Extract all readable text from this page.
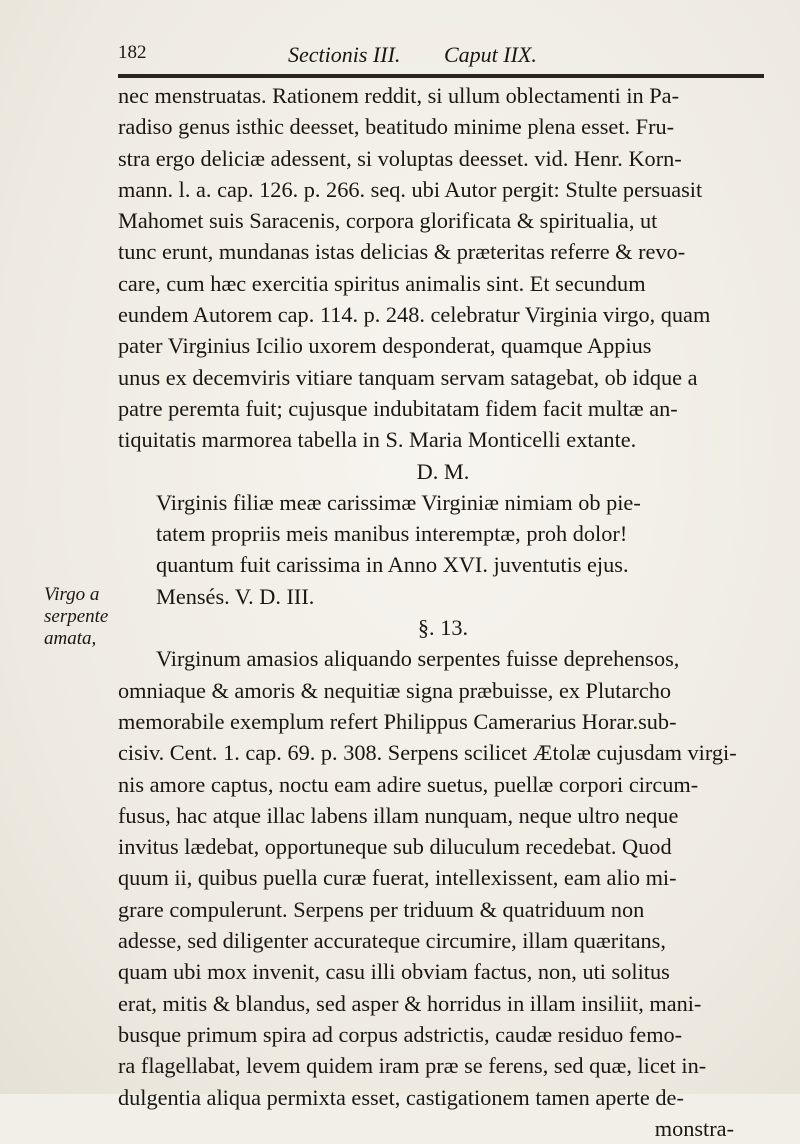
182	Sectionis III. Caput IIX.
Virgo a
serpente
amata,
nec menstruatas. Rationem reddit, si ullum oblectamenti in Pa-
radiso genus isthic deesset, beatitudo minime plena esset. Fru-
stra ergo deliciæ adessent, si voluptas deesset. vid. Henr. Korn-
mann. l. a. cap. 126. p. 266. seq. ubi Autor pergit: Stulte persuasit
Mahomet suis Saracenis, corpora glorificata & spiritualia, ut
tunc erunt, mundanas istas delicias & præteritas referre & revo-
care, cum hæc exercitia spiritus animalis sint. Et secundum
eundem Autorem cap. 114. p. 248. celebratur Virginia virgo, quam
pater Virginius Icilio uxorem desponderat, quamque Appius
unus ex decemviris vitiare tanquam servam satagebat, ob idque a
patre peremta fuit; cujusque indubitatam fidem facit multæ an-
tiquitatis marmorea tabella in S. Maria Monticelli extante.
D. M.
Virginis filiæ meæ carissimæ Virginiæ nimiam ob pie-
tatem propriis meis manibus interemptæ, proh dolor!
quantum fuit carissima in Anno XVI. juventutis ejus.
Mensés. V. D. III.
§. 13.
Virginum amasios aliquando serpentes fuisse deprehensos,
omniaque & amoris & nequitiæ signa præbuisse, ex Plutarcho
memorabile exemplum refert Philippus Camerarius Horar.sub-
cisiv. Cent. 1. cap. 69. p. 308. Serpens scilicet Ætolæ cujusdam virgi-
nis amore captus, noctu eam adire suetus, puellæ corpori circum-
fusus, hac atque illac labens illam nunquam, neque ultro neque
invitus lædebat, opportuneque sub diluculum recedebat. Quod
quum ii, quibus puella curæ fuerat, intellexissent, eam alio mi-
grare compulerunt. Serpens per triduum & quatriduum non
adesse, sed diligenter accurateque circumire, illam quæritans,
quam ubi mox invenit, casu illi obviam factus, non, uti solitus
erat, mitis & blandus, sed asper & horridus in illam insiliit, mani-
busque primum spira ad corpus adstrictis, caudæ residuo femo-
ra flagellabat, levem quidem iram præ se ferens, sed quæ, licet in-
dulgentia aliqua permixta esset, castigationem tamen aperte de-
monstra-
